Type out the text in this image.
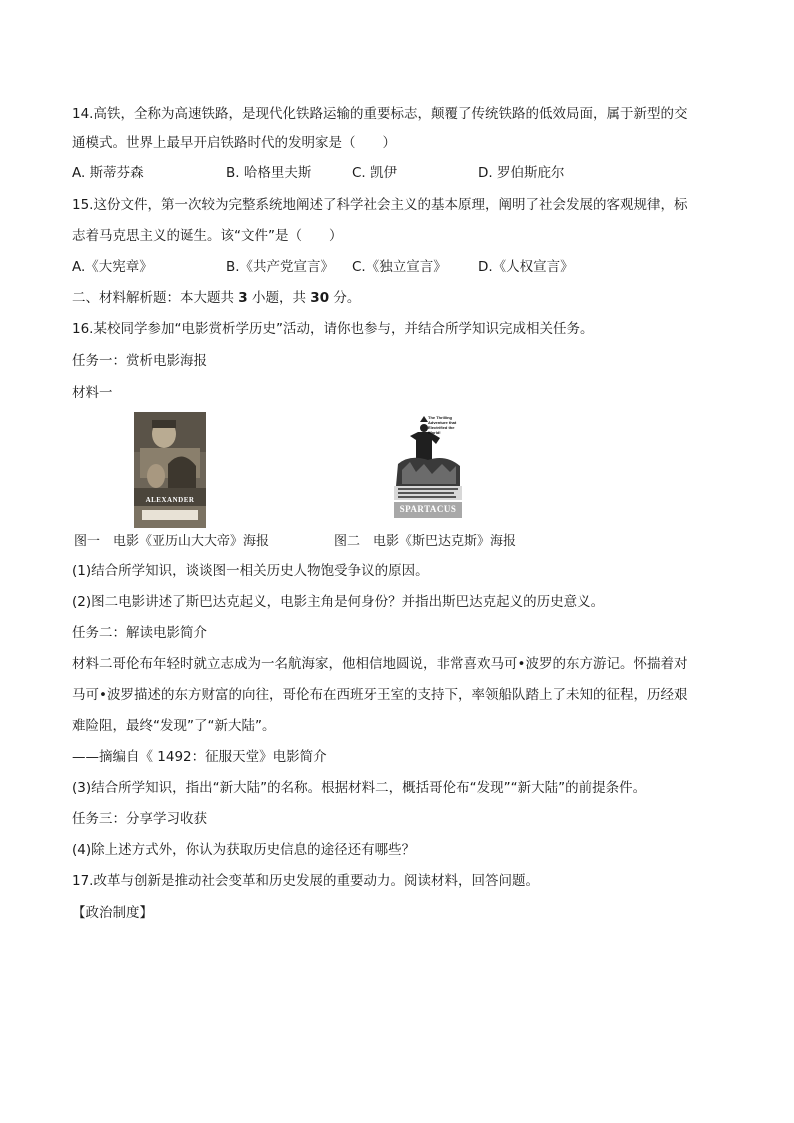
14.高铁，全称为高速铁路，是现代化铁路运输的重要标志，颠覆了传统铁路的低效局面，属于新型的交
通模式。世界上最早开启铁路时代的发明家是（　　）
A. 斯蒂芬森	B. 哈格里夫斯	C. 凯伊	D. 罗伯斯庇尔
15.这份文件，第一次较为完整系统地阐述了科学社会主义的基本原理，阐明了社会发展的客观规律，标
志着马克思主义的诞生。该“文件”是（　　）
A.《大宪章》	B.《共产党宣言》 C.《独立宣言》 D.《人权宣言》
二、材料解析题：本大题共 3 小题，共 30 分。
16.某校同学参加“电影赏析学历史”活动，请你也参与，并结合所学知识完成相关任务。
任务一：赏析电影海报
材料一
ALEXANDER
The Thrilling Adventure that Electrified the World!
SPARTACUS
图一　电影《亚历山大大帝》海报	图二　电影《斯巴达克斯》海报
(1)结合所学知识，谈谈图一相关历史人物饱受争议的原因。
(2)图二电影讲述了斯巴达克起义，电影主角是何身份？并指出斯巴达克起义的历史意义。
任务二：解读电影简介
材料二哥伦布年轻时就立志成为一名航海家，他相信地圆说，非常喜欢马可•波罗的东方游记。怀揣着对
马可•波罗描述的东方财富的向往，哥伦布在西班牙王室的支持下，率领船队踏上了未知的征程，历经艰
难险阻，最终“发现”了“新大陆”。
——摘编自《 1492：征服天堂》电影简介
(3)结合所学知识，指出“新大陆”的名称。根据材料二，概括哥伦布“发现”“新大陆”的前提条件。
任务三：分享学习收获
(4)除上述方式外，你认为获取历史信息的途径还有哪些？
17.改革与创新是推动社会变革和历史发展的重要动力。阅读材料，回答问题。
【政治制度】
